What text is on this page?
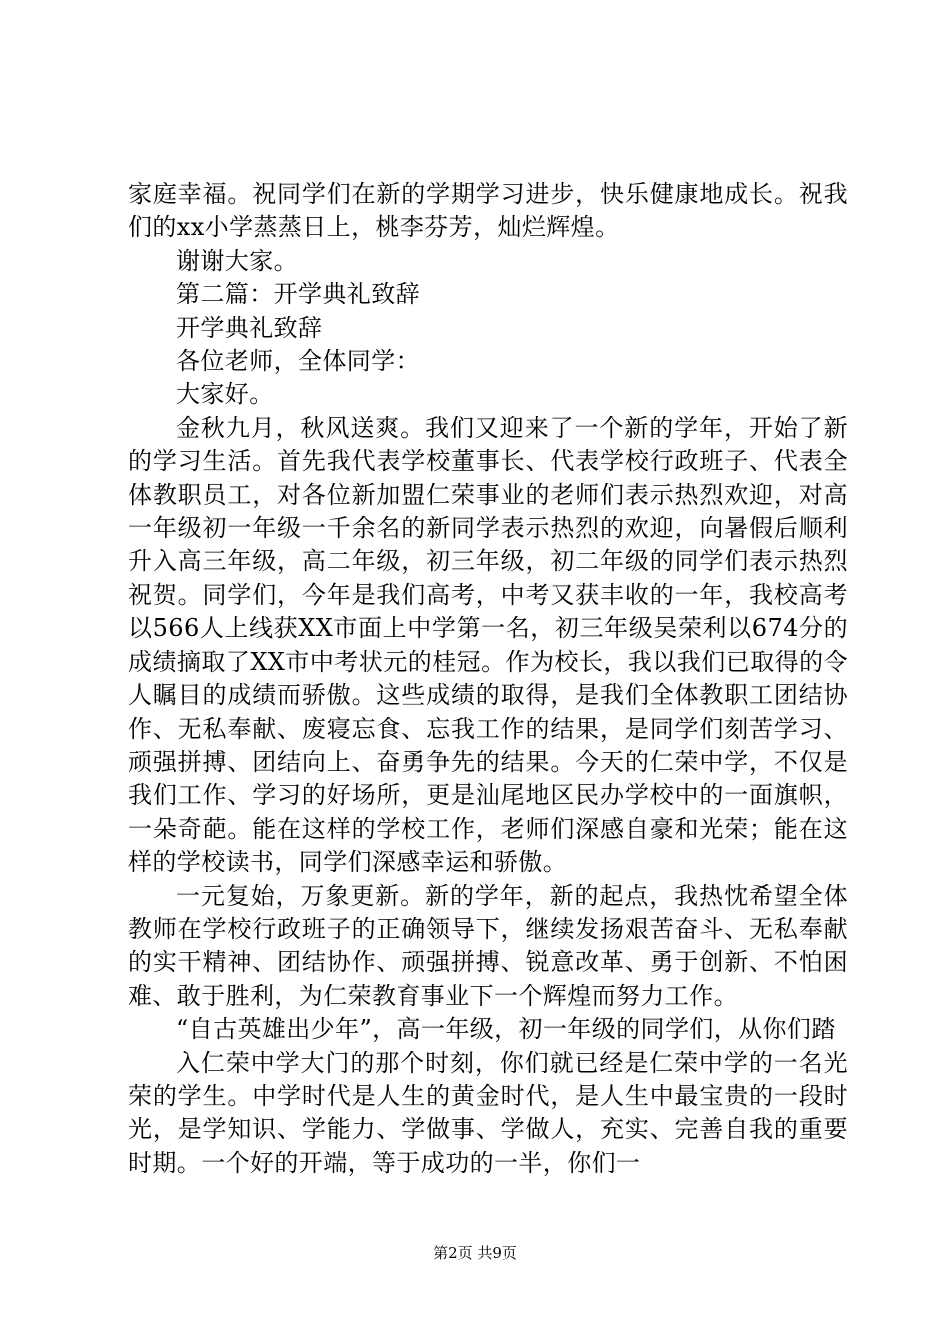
家庭幸福。祝同学们在新的学期学习进步，快乐健康地成长。祝我们的xx小学蒸蒸日上，桃李芬芳，灿烂辉煌。

谢谢大家。

第二篇：开学典礼致辞

开学典礼致辞

各位老师，全体同学：

大家好。

金秋九月，秋风送爽。我们又迎来了一个新的学年，开始了新的学习生活。首先我代表学校董事长、代表学校行政班子、代表全体教职员工，对各位新加盟仁荣事业的老师们表示热烈欢迎，对高一年级初一年级一千余名的新同学表示热烈的欢迎，向暑假后顺利升入高三年级，高二年级，初三年级，初二年级的同学们表示热烈祝贺。同学们，今年是我们高考，中考又获丰收的一年，我校高考以566人上线获XX市面上中学第一名，初三年级吴荣利以674分的成绩摘取了XX市中考状元的桂冠。作为校长，我以我们已取得的令人瞩目的成绩而骄傲。这些成绩的取得，是我们全体教职工团结协作、无私奉献、废寝忘食、忘我工作的结果，是同学们刻苦学习、顽强拼搏、团结向上、奋勇争先的结果。今天的仁荣中学，不仅是我们工作、学习的好场所，更是汕尾地区民办学校中的一面旗帜，一朵奇葩。能在这样的学校工作，老师们深感自豪和光荣；能在这样的学校读书，同学们深感幸运和骄傲。

一元复始，万象更新。新的学年，新的起点，我热忱希望全体教师在学校行政班子的正确领导下，继续发扬艰苦奋斗、无私奉献的实干精神、团结协作、顽强拼搏、锐意改革、勇于创新、不怕困难、敢于胜利，为仁荣教育事业下一个辉煌而努力工作。

“自古英雄出少年”，高一年级，初一年级的同学们，从你们踏

入仁荣中学大门的那个时刻，你们就已经是仁荣中学的一名光荣的学生。中学时代是人生的黄金时代，是人生中最宝贵的一段时光，是学知识、学能力、学做事、学做人，充实、完善自我的重要时期。一个好的开端，等于成功的一半，你们一

第2页 共9页
